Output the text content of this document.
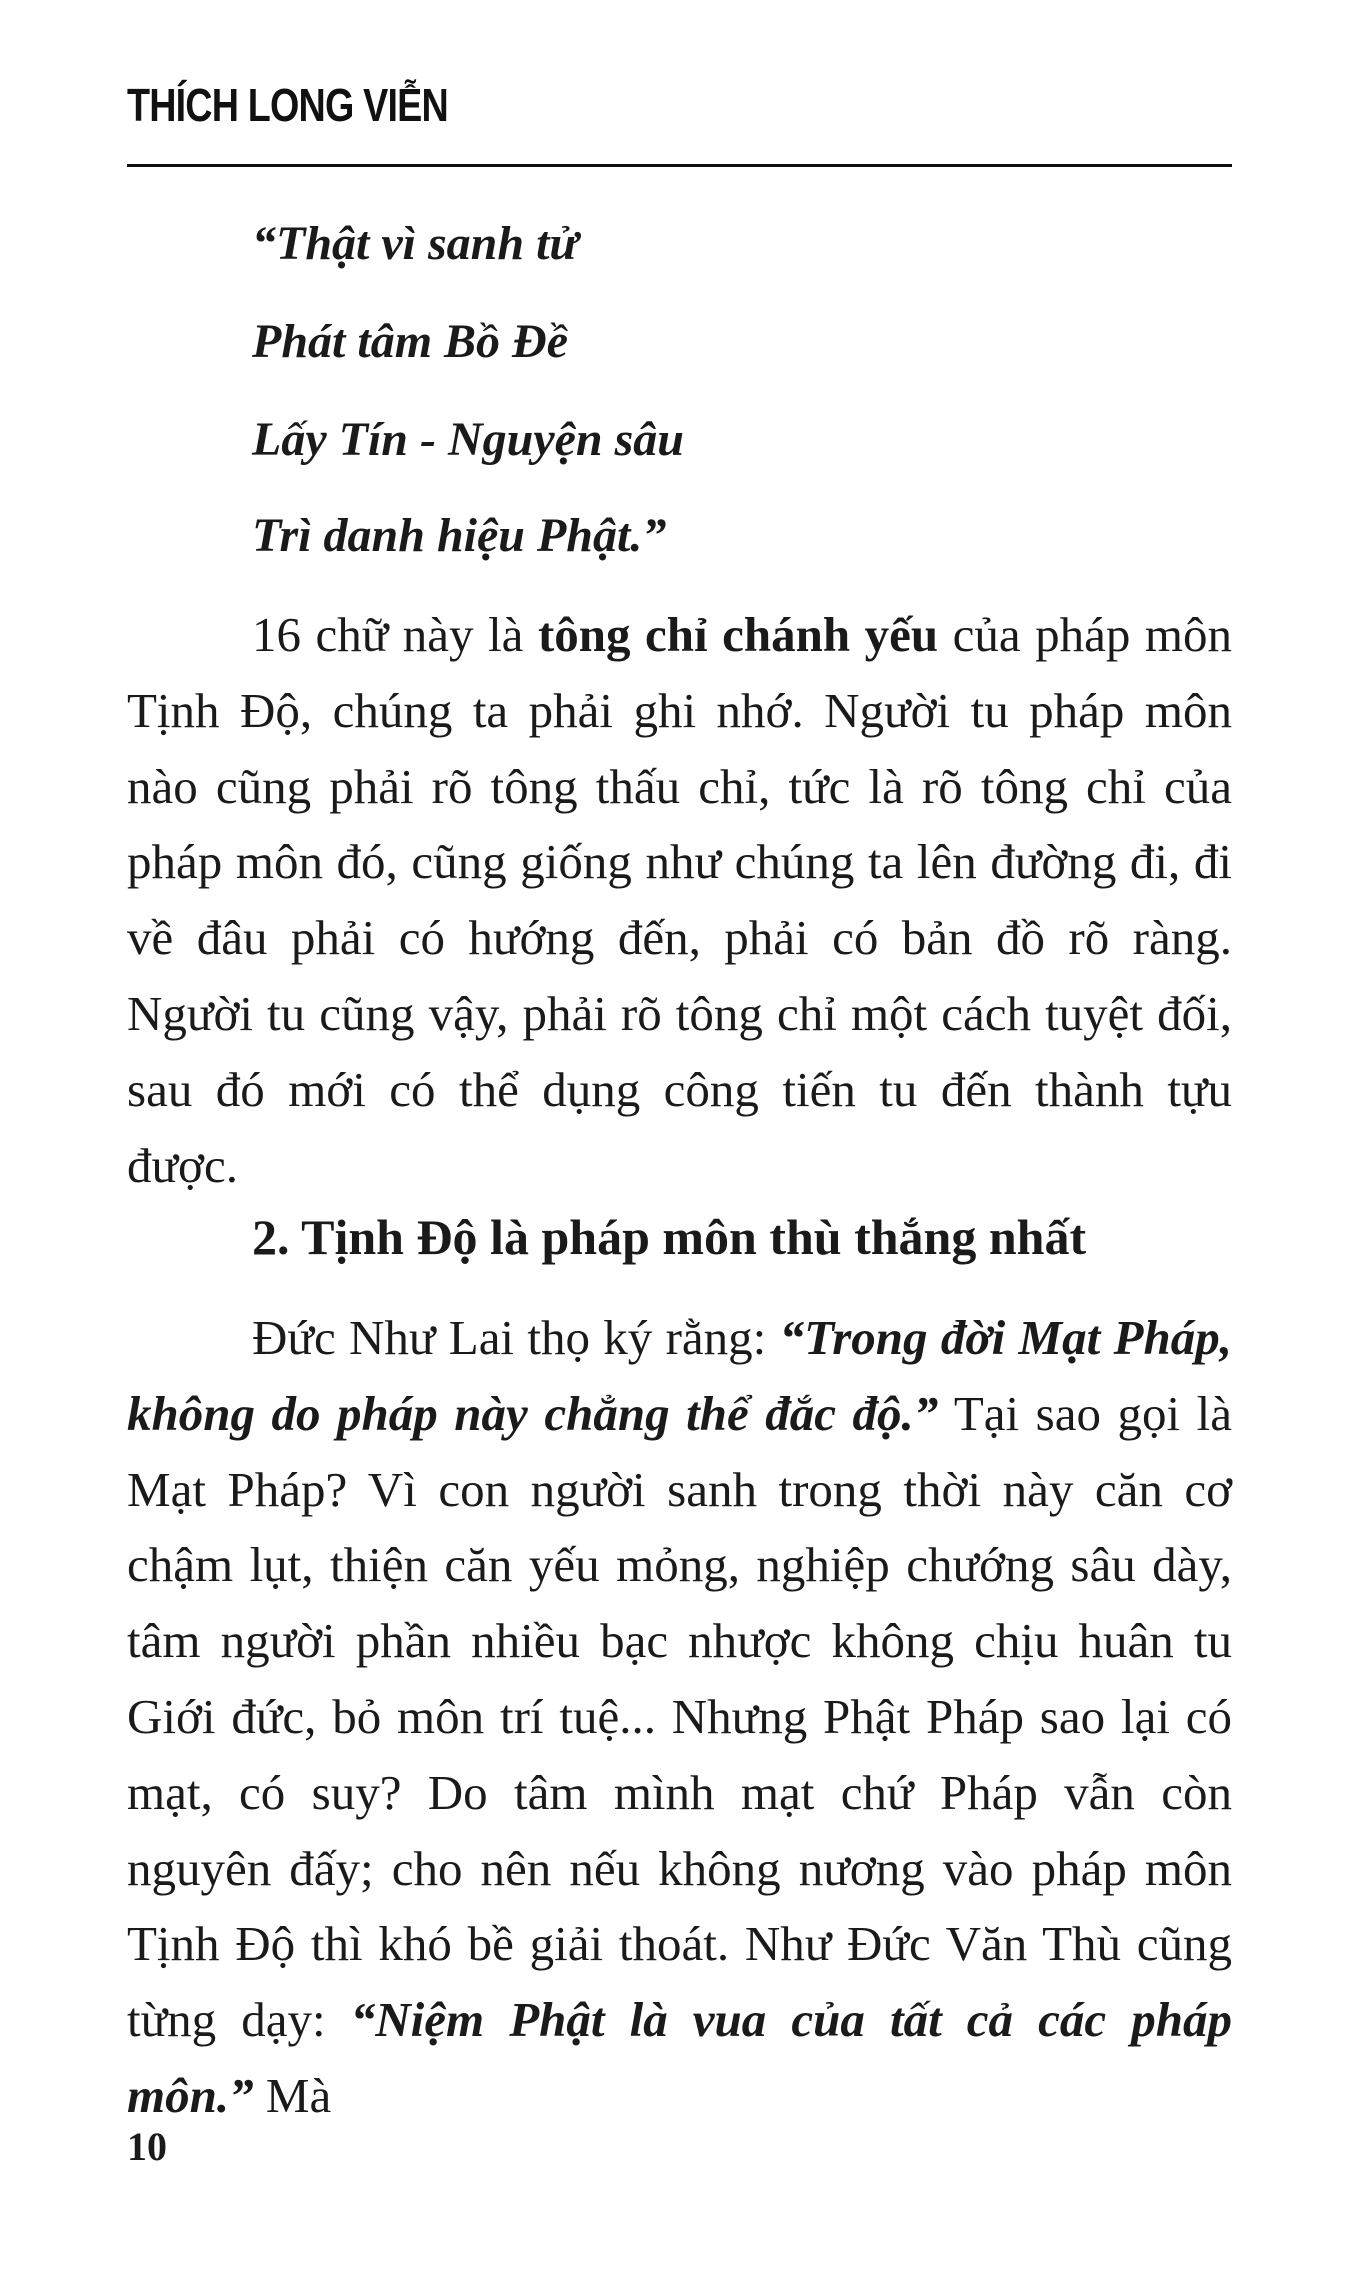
THÍCH LONG VIỄN
“Thật vì sanh tử
Phát tâm Bồ Đề
Lấy Tín - Nguyện sâu
Trì danh hiệu Phật.”

16 chữ này là tông chỉ chánh yếu của pháp môn Tịnh Độ, chúng ta phải ghi nhớ. Người tu pháp môn nào cũng phải rõ tông thấu chỉ, tức là rõ tông chỉ của pháp môn đó, cũng giống như chúng ta lên đường đi, đi về đâu phải có hướng đến, phải có bản đồ rõ ràng. Người tu cũng vậy, phải rõ tông chỉ một cách tuyệt đối, sau đó mới có thể dụng công tiến tu đến thành tựu được.

2. Tịnh Độ là pháp môn thù thắng nhất

Đức Như Lai thọ ký rằng: “Trong đời Mạt Pháp, không do pháp này chẳng thể đắc độ.” Tại sao gọi là Mạt Pháp? Vì con người sanh trong thời này căn cơ chậm lụt, thiện căn yếu mỏng, nghiệp chướng sâu dày, tâm người phần nhiều bạc nhược không chịu huân tu Giới đức, bỏ môn trí tuệ... Nhưng Phật Pháp sao lại có mạt, có suy? Do tâm mình mạt chứ Pháp vẫn còn nguyên đấy; cho nên nếu không nương vào pháp môn Tịnh Độ thì khó bề giải thoát. Như Đức Văn Thù cũng từng dạy: “Niệm Phật là vua của tất cả các pháp môn.” Mà

10
